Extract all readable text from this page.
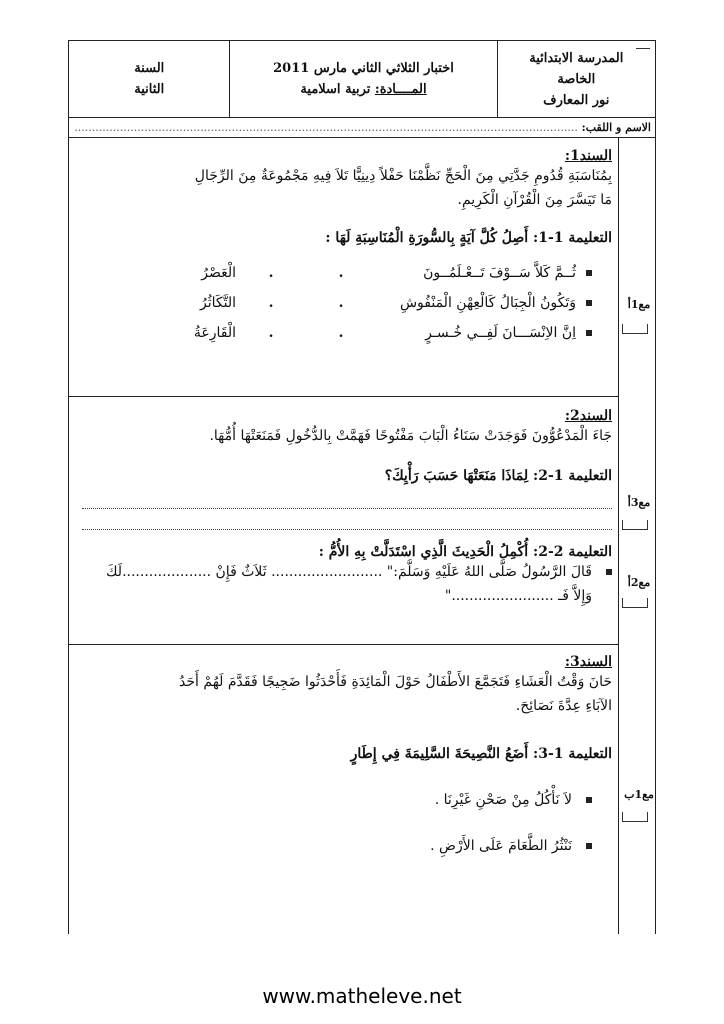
السنة

الثانية

اختبار الثلاثي الثاني مارس 2011

المــــادة: تربية اسلامية

المدرسة الابتدائية

الخاصة

نور المعارف

الاسم و اللقب: ................................................................................................................................................

السند1:

بِمُنَاسَبَةِ قُدُومِ جَدَّتِي مِنَ الْحَجِّ نَظَّمْنَا حَفْلاً دِينِيًّا تَلاَ فِيهِ مَجْمُوعَةٌ مِنَ الرِّجَالِ

مَا تَيَسَّرَ مِنَ الْقُرْآنِ الْكَرِيمِ.

التعليمة 1-1: أَصِلُ كُلَّ آيَةٍ بِالسُّورَةِ الْمُنَاسِبَةِ لَهَا :

ثُــمَّ كَلاَّ سَــوْفَ تَــعْـلَمُــونَ
.
.
الْعَصْرُ
وَتَكُونُ الْجِبَالُ كَالْعِهْنِ الْمَنْفُوشِ
.
.
التَّكَاثُرُ
اِنَّ الاِنْسَـــانَ لَفِــي خُـسـرٍ
.
.
الْقَارِعَةُ
مع1أ

السند2:

جَاءَ الْمَدْعُوُّونَ فَوَجَدَتْ سَنَاءُ الْبَابَ مَفْتُوحًا فَهَمَّتْ بِالدُّخُولِ فَمَنَعَتْهَا أُمُّهَا.

التعليمة 1-2: لِمَاذَا مَنَعَتْهَا حَسَبَ رَأْيِكَ؟

التعليمة 2-2: أُكْمِلُ الْحَدِيثَ الَّذِي اسْتَدَلَّتْ بِهِ الأُمُّ :

قَالَ الرَّسُولُ صَلَّى اللهُ عَلَيْهِ وَسَلَّمَ:" ......................... ثَلاَثٌ فَإِنْ ....................لَكَ

وَإِلاَّ فَـ ......................."

مع3أ
مع2أ

السند3:

حَانَ وَقْتُ الْعَشَاءِ فَتَجَمَّعَ الأَطْفَالُ حَوْلَ الْمَائِدَةِ فَأَحْدَثُوا ضَجِيجًا فَقَدَّمَ لَهُمْ أَحَدُ

الآبَاءِ عِدَّةَ نَصَائِحَ.

التعليمة 1-3: أَضَعُ النَّصِيحَةَ السَّلِيمَةَ فِي إِطَارٍ

لاَ نَأْكُلُ مِنْ صَحْنِ غَيْرِنَا .

نَنْثُرُ الطَّعَامَ عَلَى الأَرْضِ .

مع1ب
www.matheleve.net
